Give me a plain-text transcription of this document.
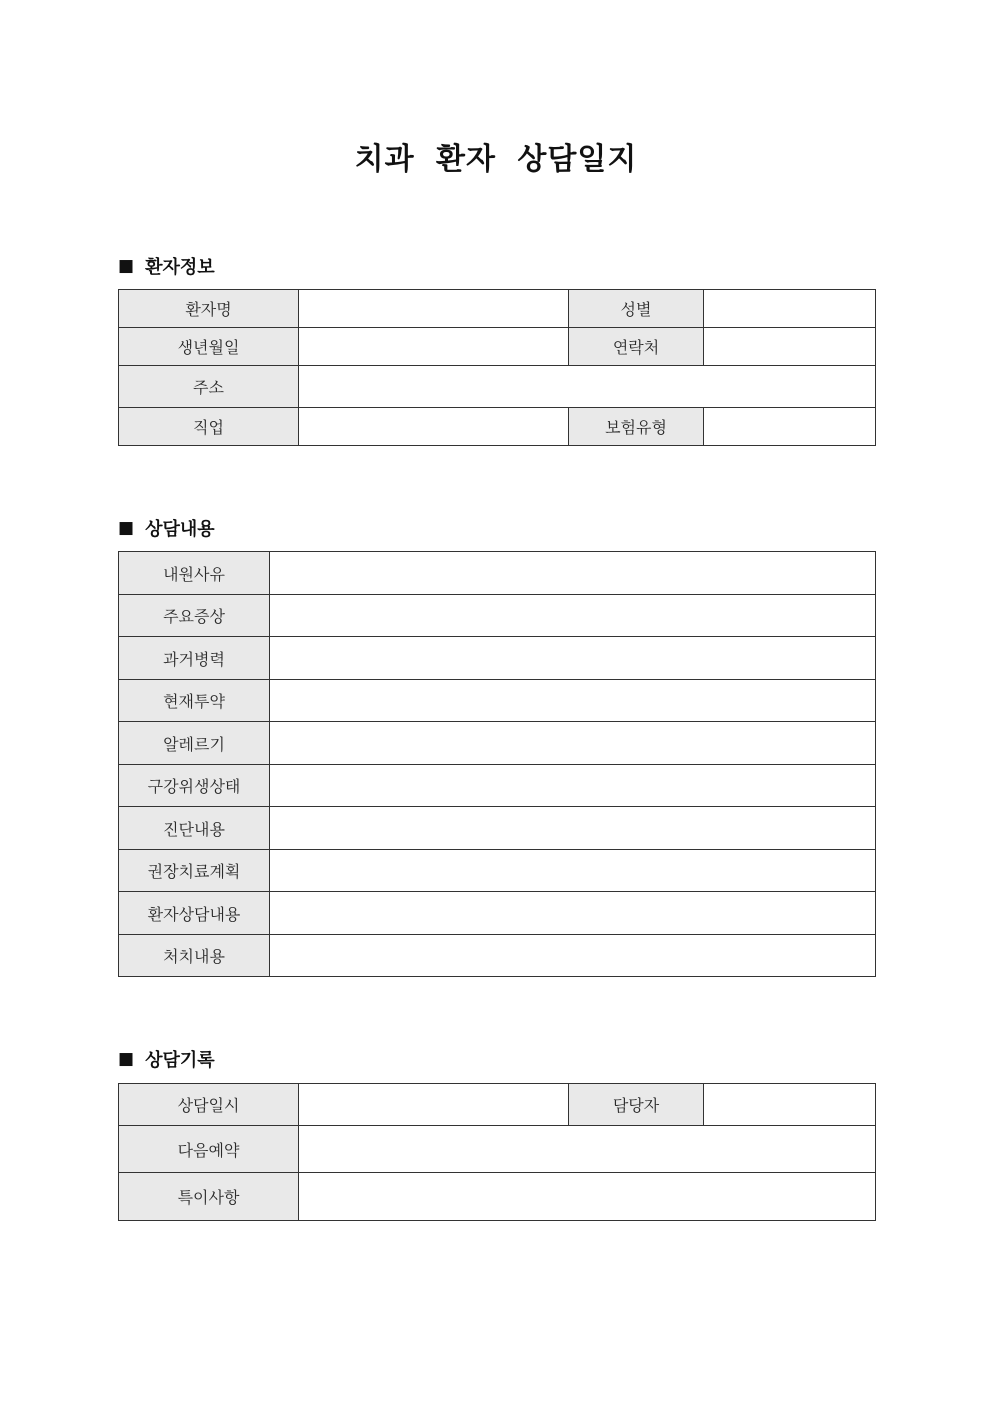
치과 환자 상담일지
■ 환자정보
환자명		성별	
생년월일		연락처	
주소			
직업		보험유형	
■ 상담내용
내원사유	
주요증상	
과거병력	
현재투약	
알레르기	
구강위생상태	
진단내용	
권장치료계획	
환자상담내용	
처치내용	
■ 상담기록
상담일시		담당자	
다음예약			
특이사항			
